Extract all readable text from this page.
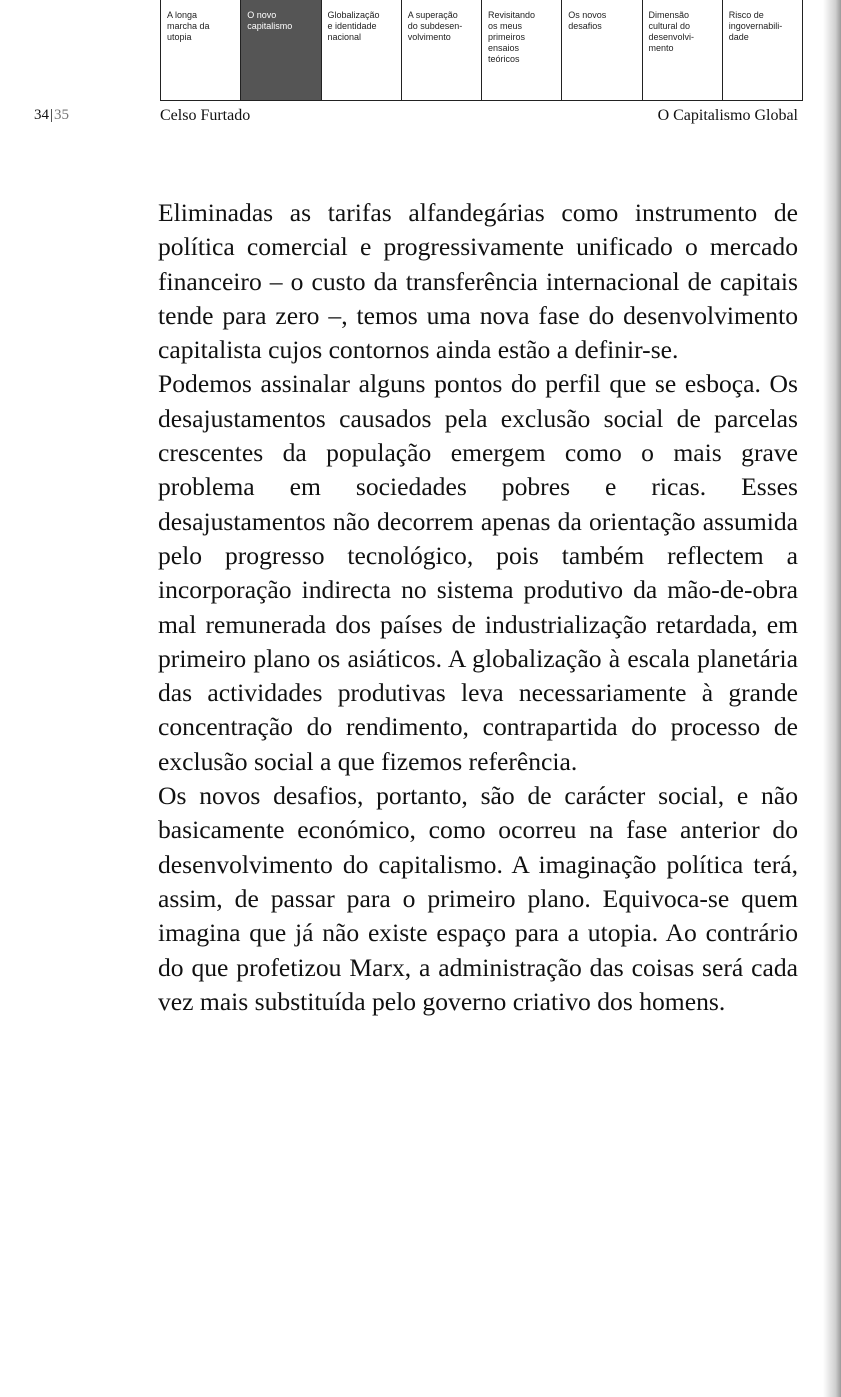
A longa
marcha da
utopia
O novo
capitalismo
Globalização
e identidade
nacional
A superação
do subdesen-
volvimento
Revisitando
os meus
primeiros
ensaios
teóricos
Os novos
desafios
Dimensão
cultural do
desenvolvi-
mento
Risco de
ingovernabili-
dade
34|35	Celso Furtado	O Capitalismo Global

Eliminadas as tarifas alfandegárias como instrumento de política comercial e progressivamente unificado o mercado financeiro – o custo da transferência internacional de capitais tende para zero –, temos uma nova fase do desenvolvimento capitalista cujos contornos ainda estão a definir-se.

Podemos assinalar alguns pontos do perfil que se esboça. Os desajustamentos causados pela exclusão social de parcelas crescentes da população emergem como o mais grave problema em sociedades pobres e ricas. Esses desajustamentos não decorrem apenas da orientação assumida pelo progresso tecnológico, pois também reflectem a incorporação indirecta no sistema produtivo da mão-de-obra mal remunerada dos países de industrialização retardada, em primeiro plano os asiáticos. A globalização à escala planetária das actividades produtivas leva necessariamente à grande concentração do rendimento, contrapartida do processo de exclusão social a que fizemos referência.

Os novos desafios, portanto, são de carácter social, e não basicamente económico, como ocorreu na fase anterior do desenvolvimento do capitalismo. A imaginação política terá, assim, de passar para o primeiro plano. Equivoca-se quem imagina que já não existe espaço para a utopia. Ao contrário do que profetizou Marx, a administração das coisas será cada vez mais substituída pelo governo criativo dos homens.
